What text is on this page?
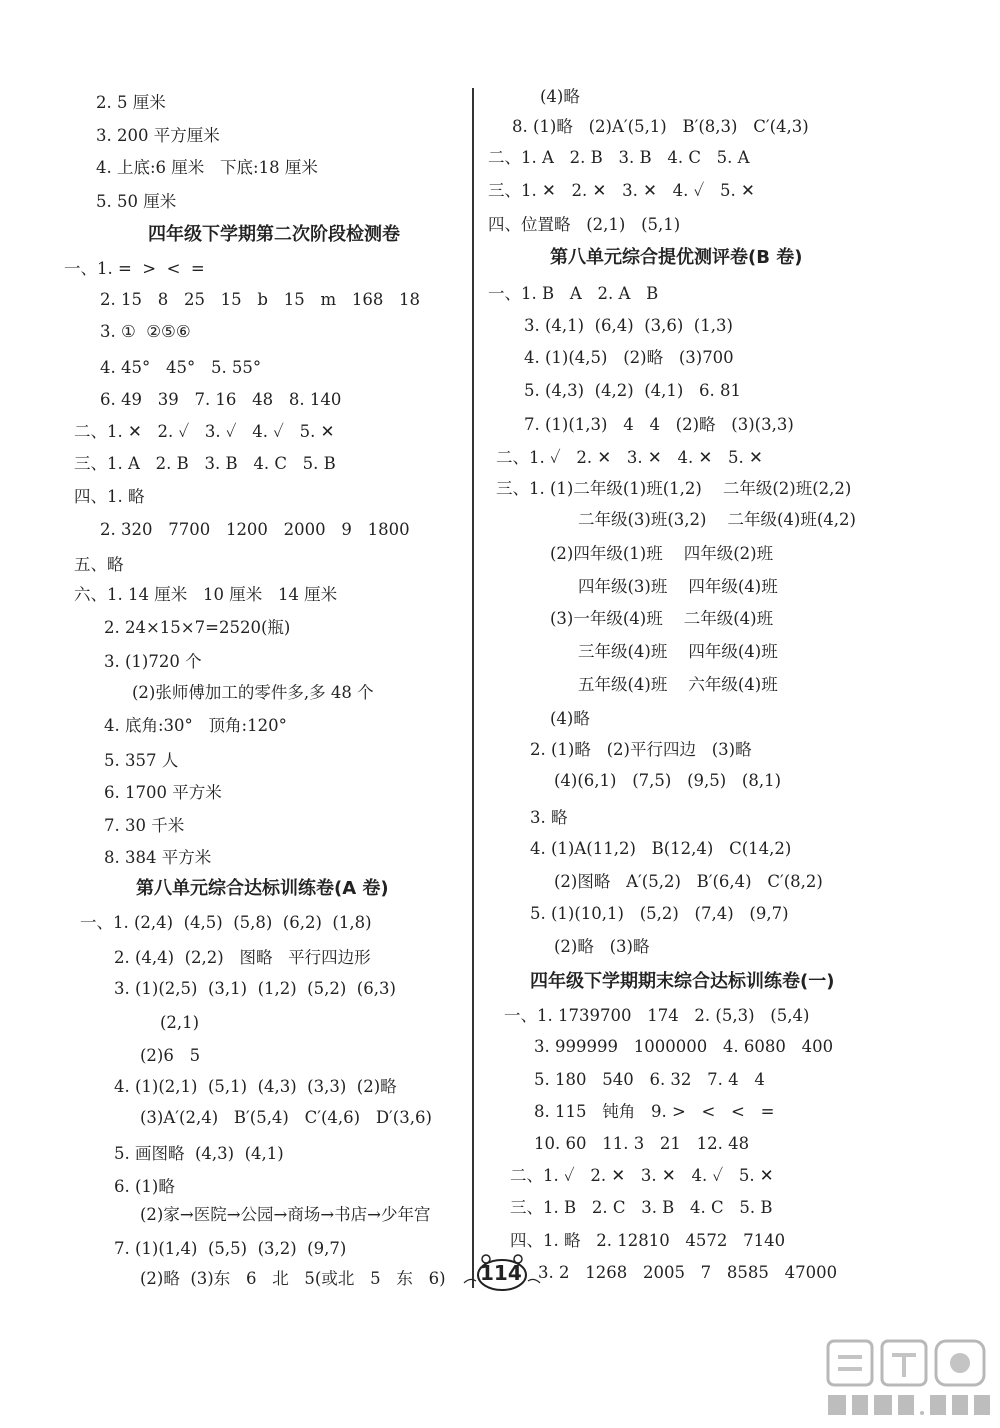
2. 5 厘米
3. 200 平方厘米
4. 上底:6 厘米   下底:18 厘米
5. 50 厘米
四年级下学期第二次阶段检测卷
一、1. =  >  <  =
2. 15   8   25   15   b   15   m   168   18
3. ①  ②⑤⑥
4. 45°   45°   5. 55°
6. 49   39   7. 16   48   8. 140
二、1. ✕   2. ✓   3. ✓   4. ✓   5. ✕
三、1. A   2. B   3. B   4. C   5. B
四、1. 略
2. 320   7700   1200   2000   9   1800
五、略
六、1. 14 厘米   10 厘米   14 厘米
2. 24×15×7=2520(瓶)
3. (1)720 个
(2)张师傅加工的零件多,多 48 个
4. 底角:30°   顶角:120°
5. 357 人
6. 1700 平方米
7. 30 千米
8. 384 平方米
第八单元综合达标训练卷(A 卷)
一、1. (2,4)  (4,5)  (5,8)  (6,2)  (1,8)
2. (4,4)  (2,2)   图略   平行四边形
3. (1)(2,5)  (3,1)  (1,2)  (5,2)  (6,3)
(2,1)
(2)6   5
4. (1)(2,1)  (5,1)  (4,3)  (3,3)  (2)略
(3)A′(2,4)   B′(5,4)   C′(4,6)   D′(3,6)
5. 画图略  (4,3)  (4,1)
6. (1)略
(2)家→医院→公园→商场→书店→少年宫
7. (1)(1,4)  (5,5)  (3,2)  (9,7)
(2)略  (3)东   6   北   5(或北   5   东   6)
(4)略
8. (1)略   (2)A′(5,1)   B′(8,3)   C′(4,3)
二、1. A   2. B   3. B   4. C   5. A
三、1. ✕   2. ✕   3. ✕   4. ✓   5. ✕
四、位置略   (2,1)   (5,1)
第八单元综合提优测评卷(B 卷)
一、1. B   A   2. A   B
3. (4,1)  (6,4)  (3,6)  (1,3)
4. (1)(4,5)   (2)略   (3)700
5. (4,3)  (4,2)  (4,1)   6. 81
7. (1)(1,3)   4   4   (2)略   (3)(3,3)
二、1. ✓   2. ✕   3. ✕   4. ✕   5. ✕
三、1. (1)二年级(1)班(1,2)    二年级(2)班(2,2)
二年级(3)班(3,2)    二年级(4)班(4,2)
(2)四年级(1)班    四年级(2)班
四年级(3)班    四年级(4)班
(3)一年级(4)班    二年级(4)班
三年级(4)班    四年级(4)班
五年级(4)班    六年级(4)班
(4)略
2. (1)略   (2)平行四边   (3)略
(4)(6,1)   (7,5)   (9,5)   (8,1)
3. 略
4. (1)A(11,2)   B(12,4)   C(14,2)
(2)图略   A′(5,2)   B′(6,4)   C′(8,2)
5. (1)(10,1)   (5,2)   (7,4)   (9,7)
(2)略   (3)略
四年级下学期期末综合达标训练卷(一)
一、1. 1739700   174   2. (5,3)   (5,4)
3. 999999   1000000   4. 6080   400
5. 180   540   6. 32   7. 4   4
8. 115   钝角   9. >   <   <   =
10. 60   11. 3   21   12. 48
二、1. ✓   2. ✕   3. ✕   4. ✓   5. ✕
三、1. B   2. C   3. B   4. C   5. B
四、1. 略   2. 12810   4572   7140
3. 2   1268   2005   7   8585   47000
114
